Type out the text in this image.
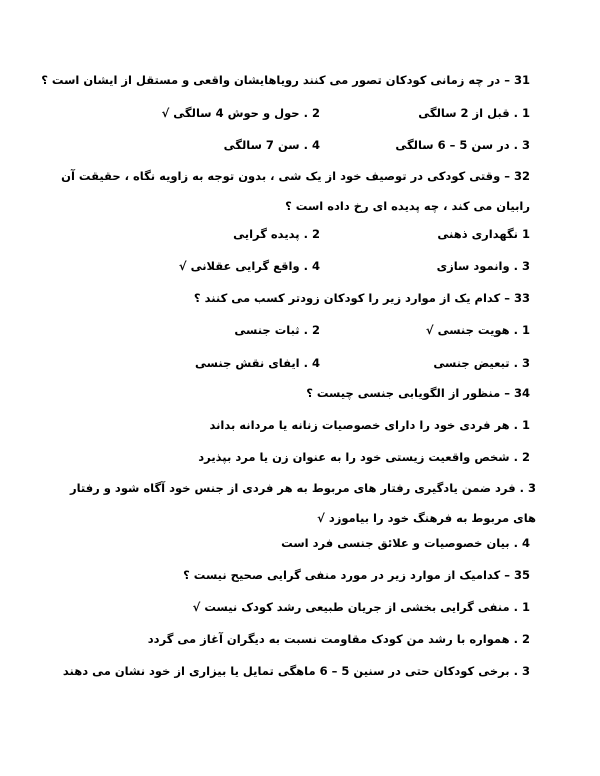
31 – در چه زمانی کودکان تصور می کنند رویاهایشان واقعی و مستقل از ایشان است ؟
1 . قبل از 2 سالگی
2 . حول و حوش 4 سالگی √
3 . در سن 5 – 6 سالگی
4 . سن 7 سالگی
32 – وقتی کودکی در توصیف خود از یک شی ، بدون توجه به زاویه نگاه ، حقیقت آن رابیان می کند ، چه پدیده ای رخ داده است ؟
1 نگهداری ذهنی
2 . پدیده گرایی
3 . وانمود سازی
4 . واقع گرایی عقلانی √
33 – کدام یک از موارد زیر را کودکان زودتر کسب می کنند ؟
1 . هویت جنسی √
2 . ثبات جنسی
3 . تبعیض جنسی
4 . ایفای نقش جنسی
34 – منظور از الگویابی جنسی چیست ؟
1 . هر فردی خود را دارای خصوصیات زنانه یا مردانه بداند
2 . شخص واقعیت زیستی خود را به عنوان زن یا مرد بپذیرد
3 . فرد ضمن یادگیری رفتار های مربوط به هر فردی از جنس خود آگاه شود و رفتار های مربوط به فرهنگ خود را بیاموزد √
4 . بیان خصوصیات و علائق جنسی فرد است
35 – کدامیک از موارد زیر در مورد منفی گرایی صحیح نیست ؟
1 . منفی گرایی بخشی از جریان طبیعی رشد کودک نیست √
2 . همواره با رشد من کودک مقاومت نسبت به دیگران آغاز می گردد
3 . برخی کودکان حتی در سنین 5 – 6 ماهگی تمایل یا بیزاری از خود نشان می دهند
